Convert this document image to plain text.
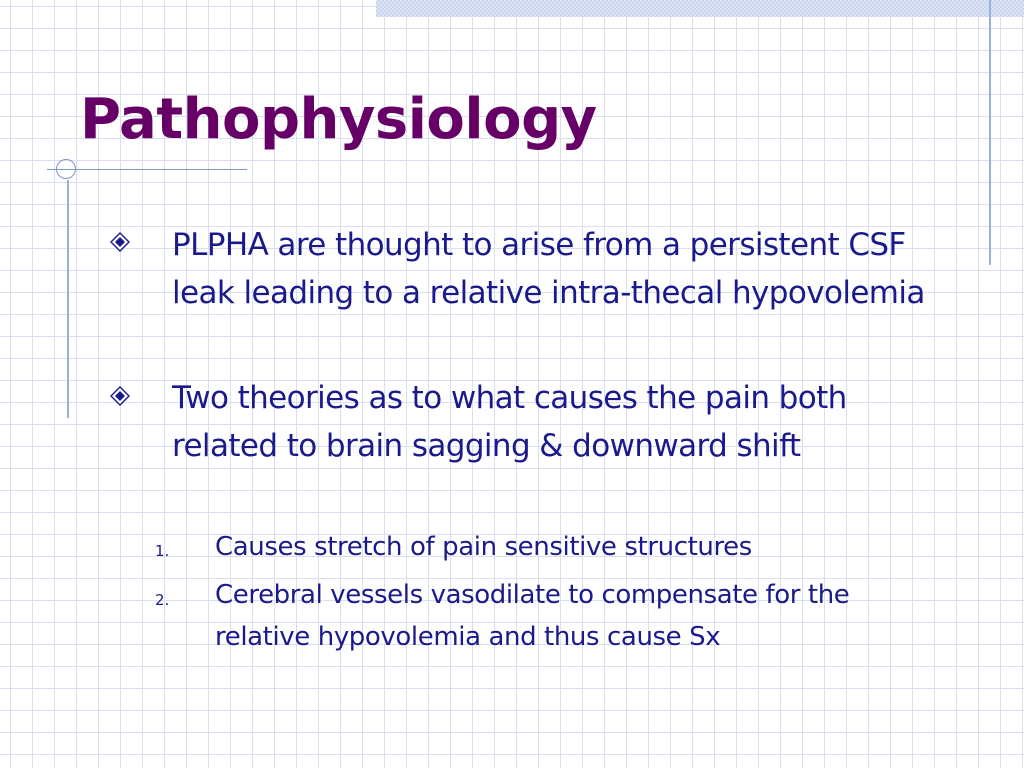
Pathophysiology
PLPHA are thought to arise from a persistent CSF leak leading to a relative intra-thecal hypovolemia
Two theories as to what causes the pain both related to brain sagging & downward shift
1. Causes stretch of pain sensitive structures
2. Cerebral vessels vasodilate to compensate for the relative hypovolemia and thus cause Sx
